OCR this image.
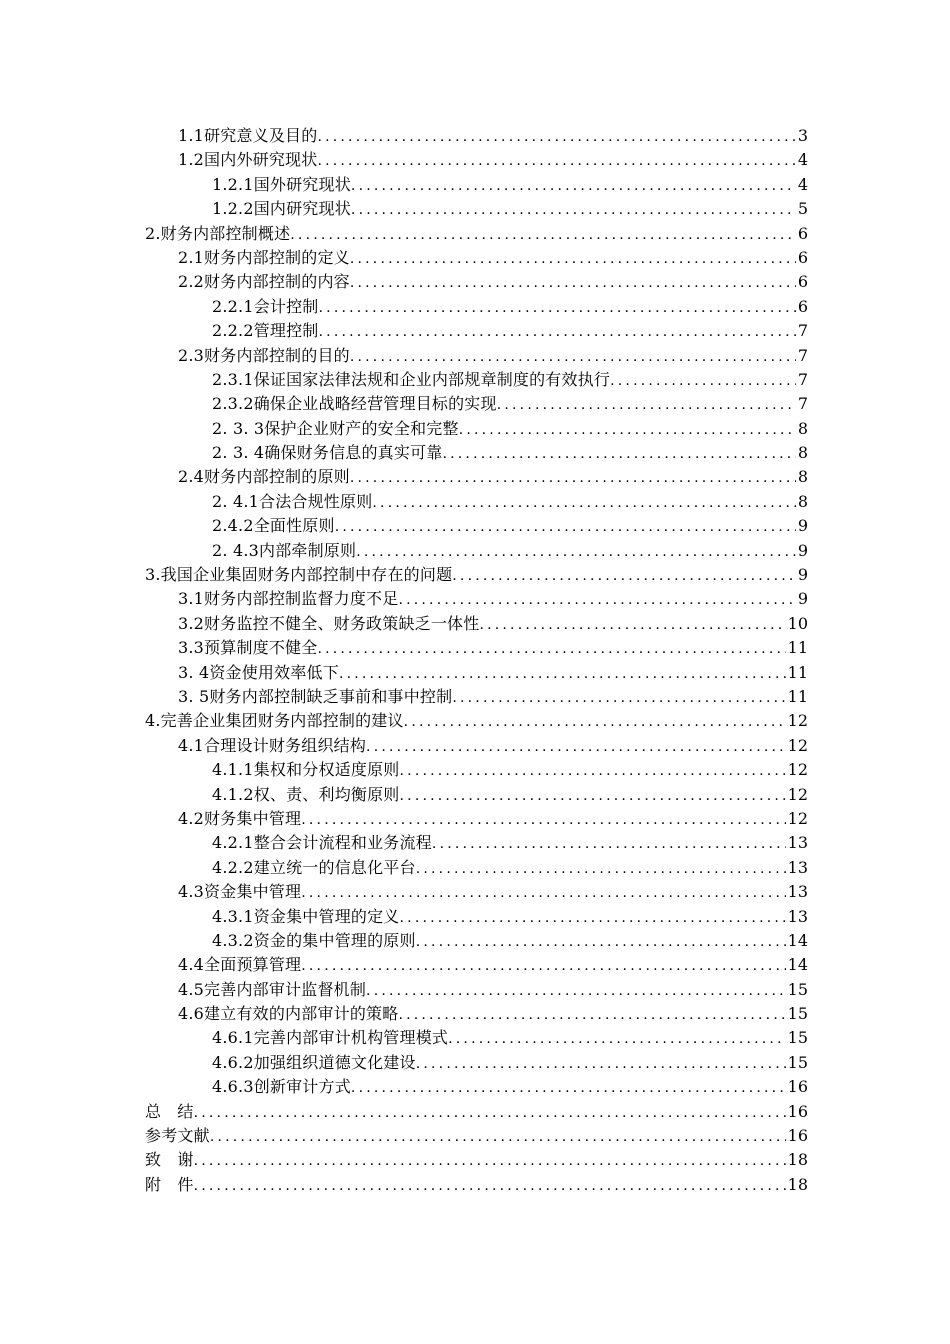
1.1研究意义及目的 .....	3
1.2国内外研究现状 .....	4
1.2.1国外研究现状 .....	4
1.2.2国内研究现状 .....	5
2.财务内部控制概述 .....	6
2.1财务内部控制的定义 .....	6
2.2财务内部控制的内容 .....	6
2.2.1会计控制 .....	6
2.2.2管理控制 .....	7
2.3财务内部控制的目的 .....	7
2.3.1保证国家法律法规和企业内部规章制度的有效执行 .....	7
2.3.2确保企业战略经营管理目标的实现 .....	7
2. 3. 3保护企业财产的安全和完整 .....	8
2. 3. 4确保财务信息的真实可靠 .....	8
2.4财务内部控制的原则 .....	8
2. 4.1合法合规性原则 .....	8
2.4.2全面性原则 .....	9
2. 4.3内部牵制原则 .....	9
3.我国企业集固财务内部控制中存在的问题 .....	9
3.1财务内部控制监督力度不足 .....	9
3.2财务监控不健全、财务政策缺乏一体性 .....	10
3.3预算制度不健全 .....	11
3. 4资金使用效率低下 .....	11
3. 5财务内部控制缺乏事前和事中控制 .....	11
4.完善企业集团财务内部控制的建议 .....	12
4.1合理设计财务组织结构 .....	12
4.1.1集权和分权适度原则 .....	12
4.1.2权、责、利均衡原则 .....	12
4.2财务集中管理 .....	12
4.2.1整合会计流程和业务流程 .....	13
4.2.2建立统一的信息化平台 .....	13
4.3资金集中管理 .....	13
4.3.1资金集中管理的定义 .....	13
4.3.2资金的集中管理的原则 .....	14
4.4全面预算管理 .....	14
4.5完善内部审计监督机制 .....	15
4.6建立有效的内部审计的策略 .....	15
4.6.1完善内部审计机构管理模式 .....	15
4.6.2加强组织道德文化建设 .....	15
4.6.3创新审计方式 .....	16
总　结 .....	16
参考文献 .....	16
致　谢 .....	18
附　件 .....	18
